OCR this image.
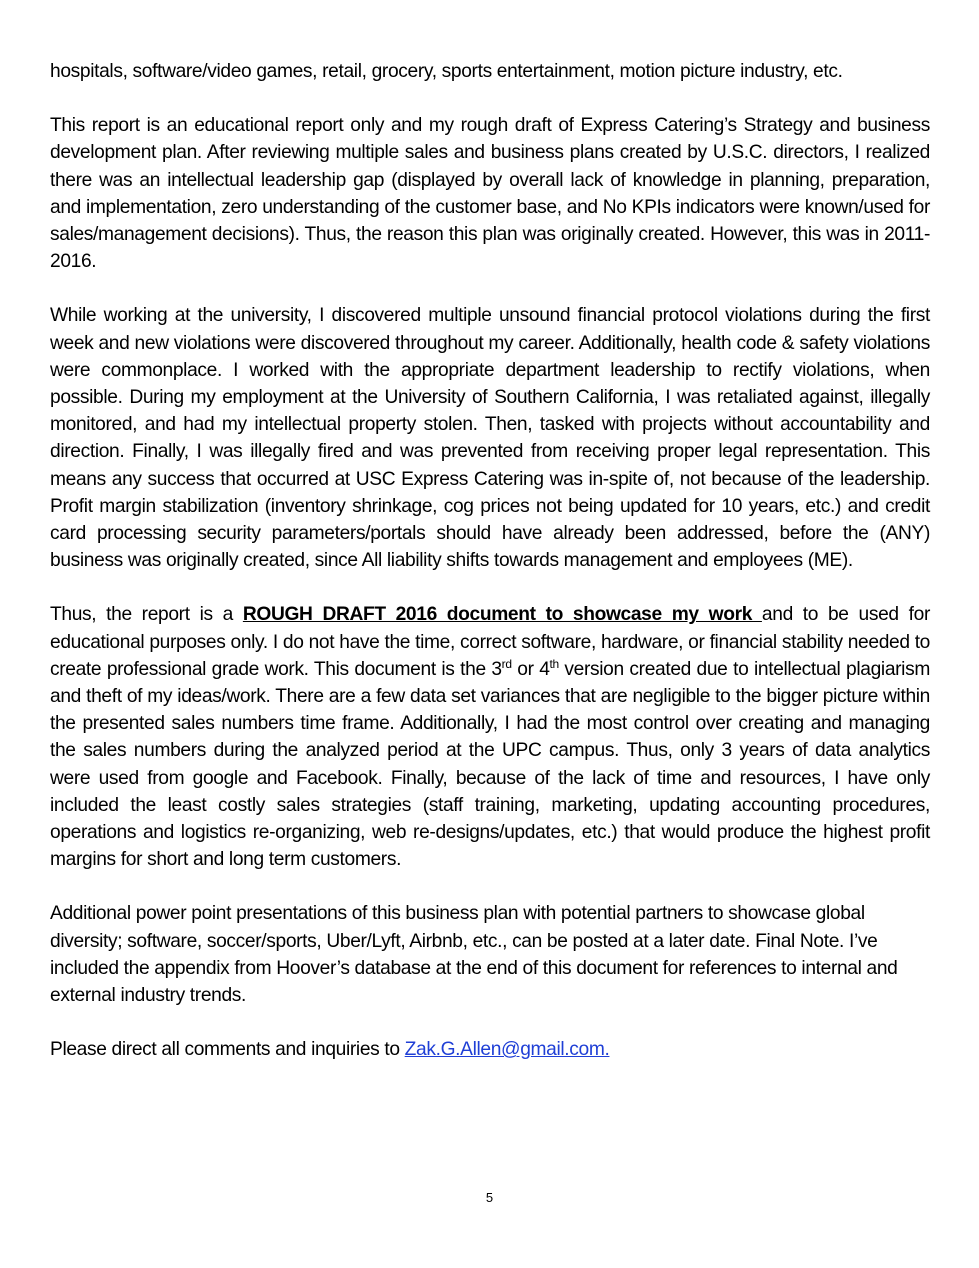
hospitals, software/video games, retail, grocery, sports entertainment, motion picture industry, etc.

This report is an educational report only and my rough draft of Express Catering’s Strategy and business development plan. After reviewing multiple sales and business plans created by U.S.C. directors, I realized there was an intellectual leadership gap (displayed by overall lack of knowledge in planning, preparation, and implementation, zero understanding of the customer base, and No KPIs indicators were known/used for sales/management decisions). Thus, the reason this plan was originally created. However, this was in 2011-2016.

While working at the university, I discovered multiple unsound financial protocol violations during the first week and new violations were discovered throughout my career. Additionally, health code & safety violations were commonplace. I worked with the appropriate department leadership to rectify violations, when possible. During my employment at the University of Southern California, I was retaliated against, illegally monitored, and had my intellectual property stolen. Then, tasked with projects without accountability and direction. Finally, I was illegally fired and was prevented from receiving proper legal representation. This means any success that occurred at USC Express Catering was in-spite of, not because of the leadership. Profit margin stabilization (inventory shrinkage, cog prices not being updated for 10 years, etc.) and credit card processing security parameters/portals should have already been addressed, before the (ANY) business was originally created, since All liability shifts towards management and employees (ME).

Thus, the report is a ROUGH DRAFT 2016 document to showcase my work and to be used for educational purposes only. I do not have the time, correct software, hardware, or financial stability needed to create professional grade work. This document is the 3rd or 4th version created due to intellectual plagiarism and theft of my ideas/work. There are a few data set variances that are negligible to the bigger picture within the presented sales numbers time frame. Additionally, I had the most control over creating and managing the sales numbers during the analyzed period at the UPC campus. Thus, only 3 years of data analytics were used from google and Facebook. Finally, because of the lack of time and resources, I have only included the least costly sales strategies (staff training, marketing, updating accounting procedures, operations and logistics re-organizing, web re-designs/updates, etc.) that would produce the highest profit margins for short and long term customers.

Additional power point presentations of this business plan with potential partners to showcase global diversity; software, soccer/sports, Uber/Lyft, Airbnb, etc., can be posted at a later date. Final Note. I’ve included the appendix from Hoover’s database at the end of this document for references to internal and external industry trends.

Please direct all comments and inquiries to Zak.G.Allen@gmail.com.

5
